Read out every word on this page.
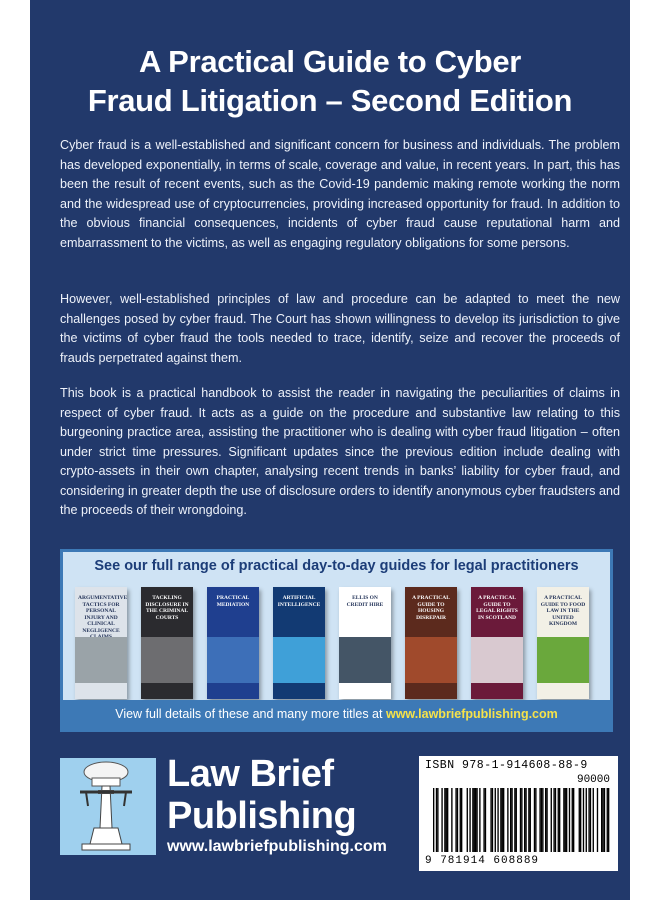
A Practical Guide to Cyber
Fraud Litigation – Second Edition
Cyber fraud is a well-established and significant concern for business and individuals. The problem has developed exponentially, in terms of scale, coverage and value, in recent years. In part, this has been the result of recent events, such as the Covid-19 pandemic making remote working the norm and the widespread use of cryptocurrencies, providing increased opportunity for fraud. In addition to the obvious financial consequences, incidents of cyber fraud cause reputational harm and embarrassment to the victims, as well as engaging regulatory obligations for some persons.
However, well-established principles of law and procedure can be adapted to meet the new challenges posed by cyber fraud. The Court has shown willingness to develop its jurisdiction to give the victims of cyber fraud the tools needed to trace, identify, seize and recover the proceeds of frauds perpetrated against them.
This book is a practical handbook to assist the reader in navigating the peculiarities of claims in respect of cyber fraud. It acts as a guide on the procedure and substantive law relating to this burgeoning practice area, assisting the practitioner who is dealing with cyber fraud litigation – often under strict time pressures. Significant updates since the previous edition include dealing with crypto-assets in their own chapter, analysing recent trends in banks’ liability for cyber fraud, and considering in greater depth the use of disclosure orders to identify anonymous cyber fraudsters and the proceeds of their wrongdoing.
See our full range of practical day-to-day guides for legal practitioners
ARGUMENTATIVE TACTICS FOR PERSONAL INJURY AND CLINICAL NEGLIGENCE
TACKLING DISCLOSURE IN THE CRIMINAL COURTS
PRACTICAL MEDIATION
ARTIFICIAL INTELLIGENCE
ELLIS ON CREDIT HIRE
A PRACTICAL GUIDE TO HOUSING DISREPAIR
A PRACTICAL GUIDE TO LEGAL RIGHTS IN SCOTLAND
A PRACTICAL GUIDE TO FOOD LAW IN THE UNITED KINGDOM
View full details of these and many more titles at www.lawbriefpublishing.com
Law Brief
Publishing
www.lawbriefpublishing.com
ISBN 978-1-914608-88-9
90000
9 781914 608889
